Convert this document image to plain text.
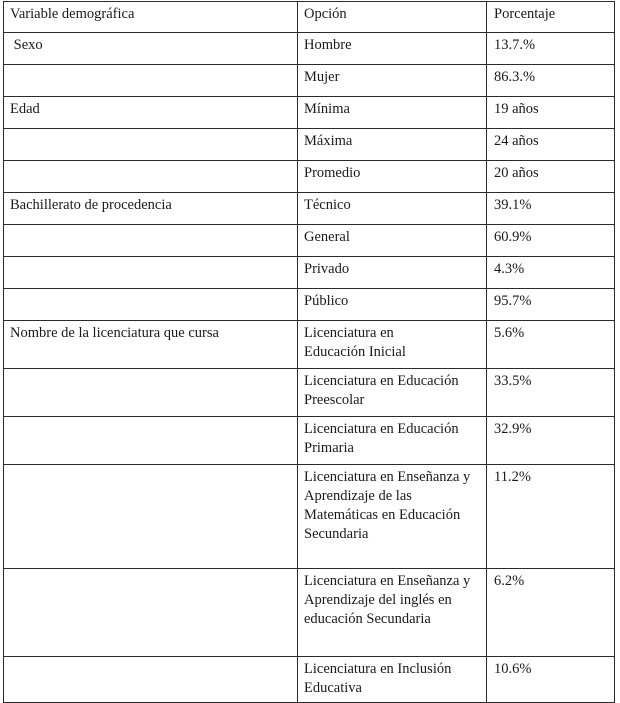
Variable demográfica	Opción	Porcentaje
Sexo	Hombre	13.7.%
	Mujer	86.3.%
Edad	Mínima	19 años
	Máxima	24 años
	Promedio	20 años
Bachillerato de procedencia	Técnico	39.1%
	General	60.9%
	Privado	4.3%
	Público	95.7%
Nombre de la licenciatura que cursa	Licenciatura en Educación Inicial	5.6%
	Licenciatura en Educación Preescolar	33.5%
	Licenciatura en Educación Primaria	32.9%
	Licenciatura en Enseñanza y Aprendizaje de las Matemáticas en Educación Secundaria	11.2%
	Licenciatura en Enseñanza y Aprendizaje del inglés en educación Secundaria	6.2%
	Licenciatura en Inclusión Educativa	10.6%
